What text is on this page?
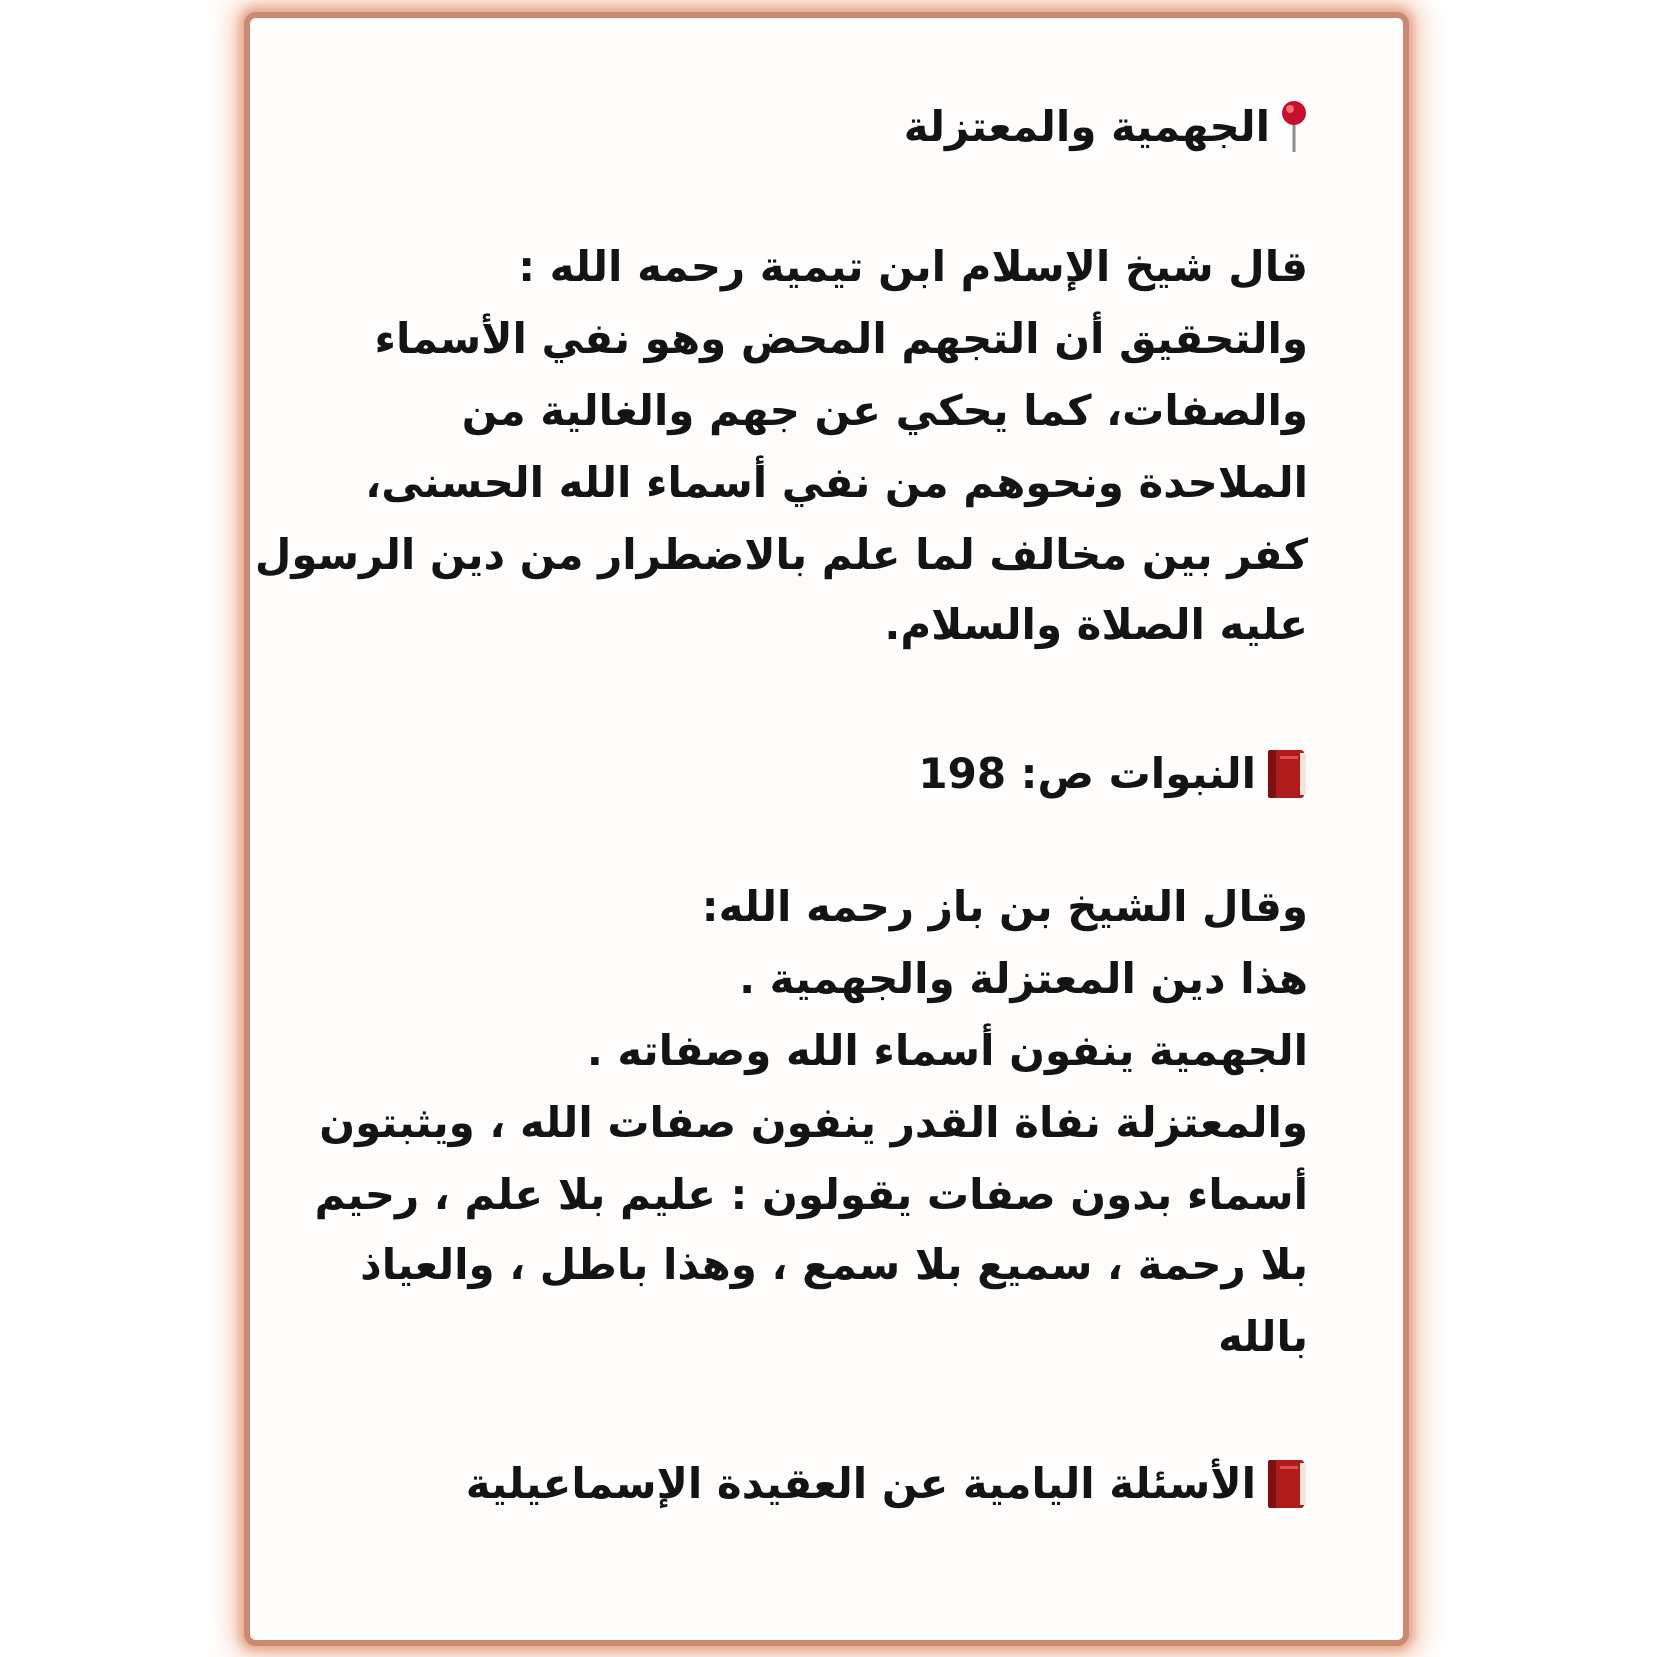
الجهمية والمعتزلة
قال شيخ الإسلام ابن تيمية رحمه الله :
والتحقيق أن التجهم المحض وهو نفي الأسماء
والصفات، كما يحكي عن جهم والغالية من
الملاحدة ونحوهم من نفي أسماء الله الحسنى،
كفر بين مخالف لما علم بالاضطرار من دين الرسول
عليه الصلاة والسلام.
النبوات ص: 198
وقال الشيخ بن باز رحمه الله:
هذا دين المعتزلة والجهمية .
الجهمية ينفون أسماء الله وصفاته .
والمعتزلة نفاة القدر ينفون صفات الله ، ويثبتون
أسماء بدون صفات يقولون : عليم بلا علم ، رحيم
بلا رحمة ، سميع بلا سمع ، وهذا باطل ، والعياذ
بالله
الأسئلة اليامية عن العقيدة الإسماعيلية
